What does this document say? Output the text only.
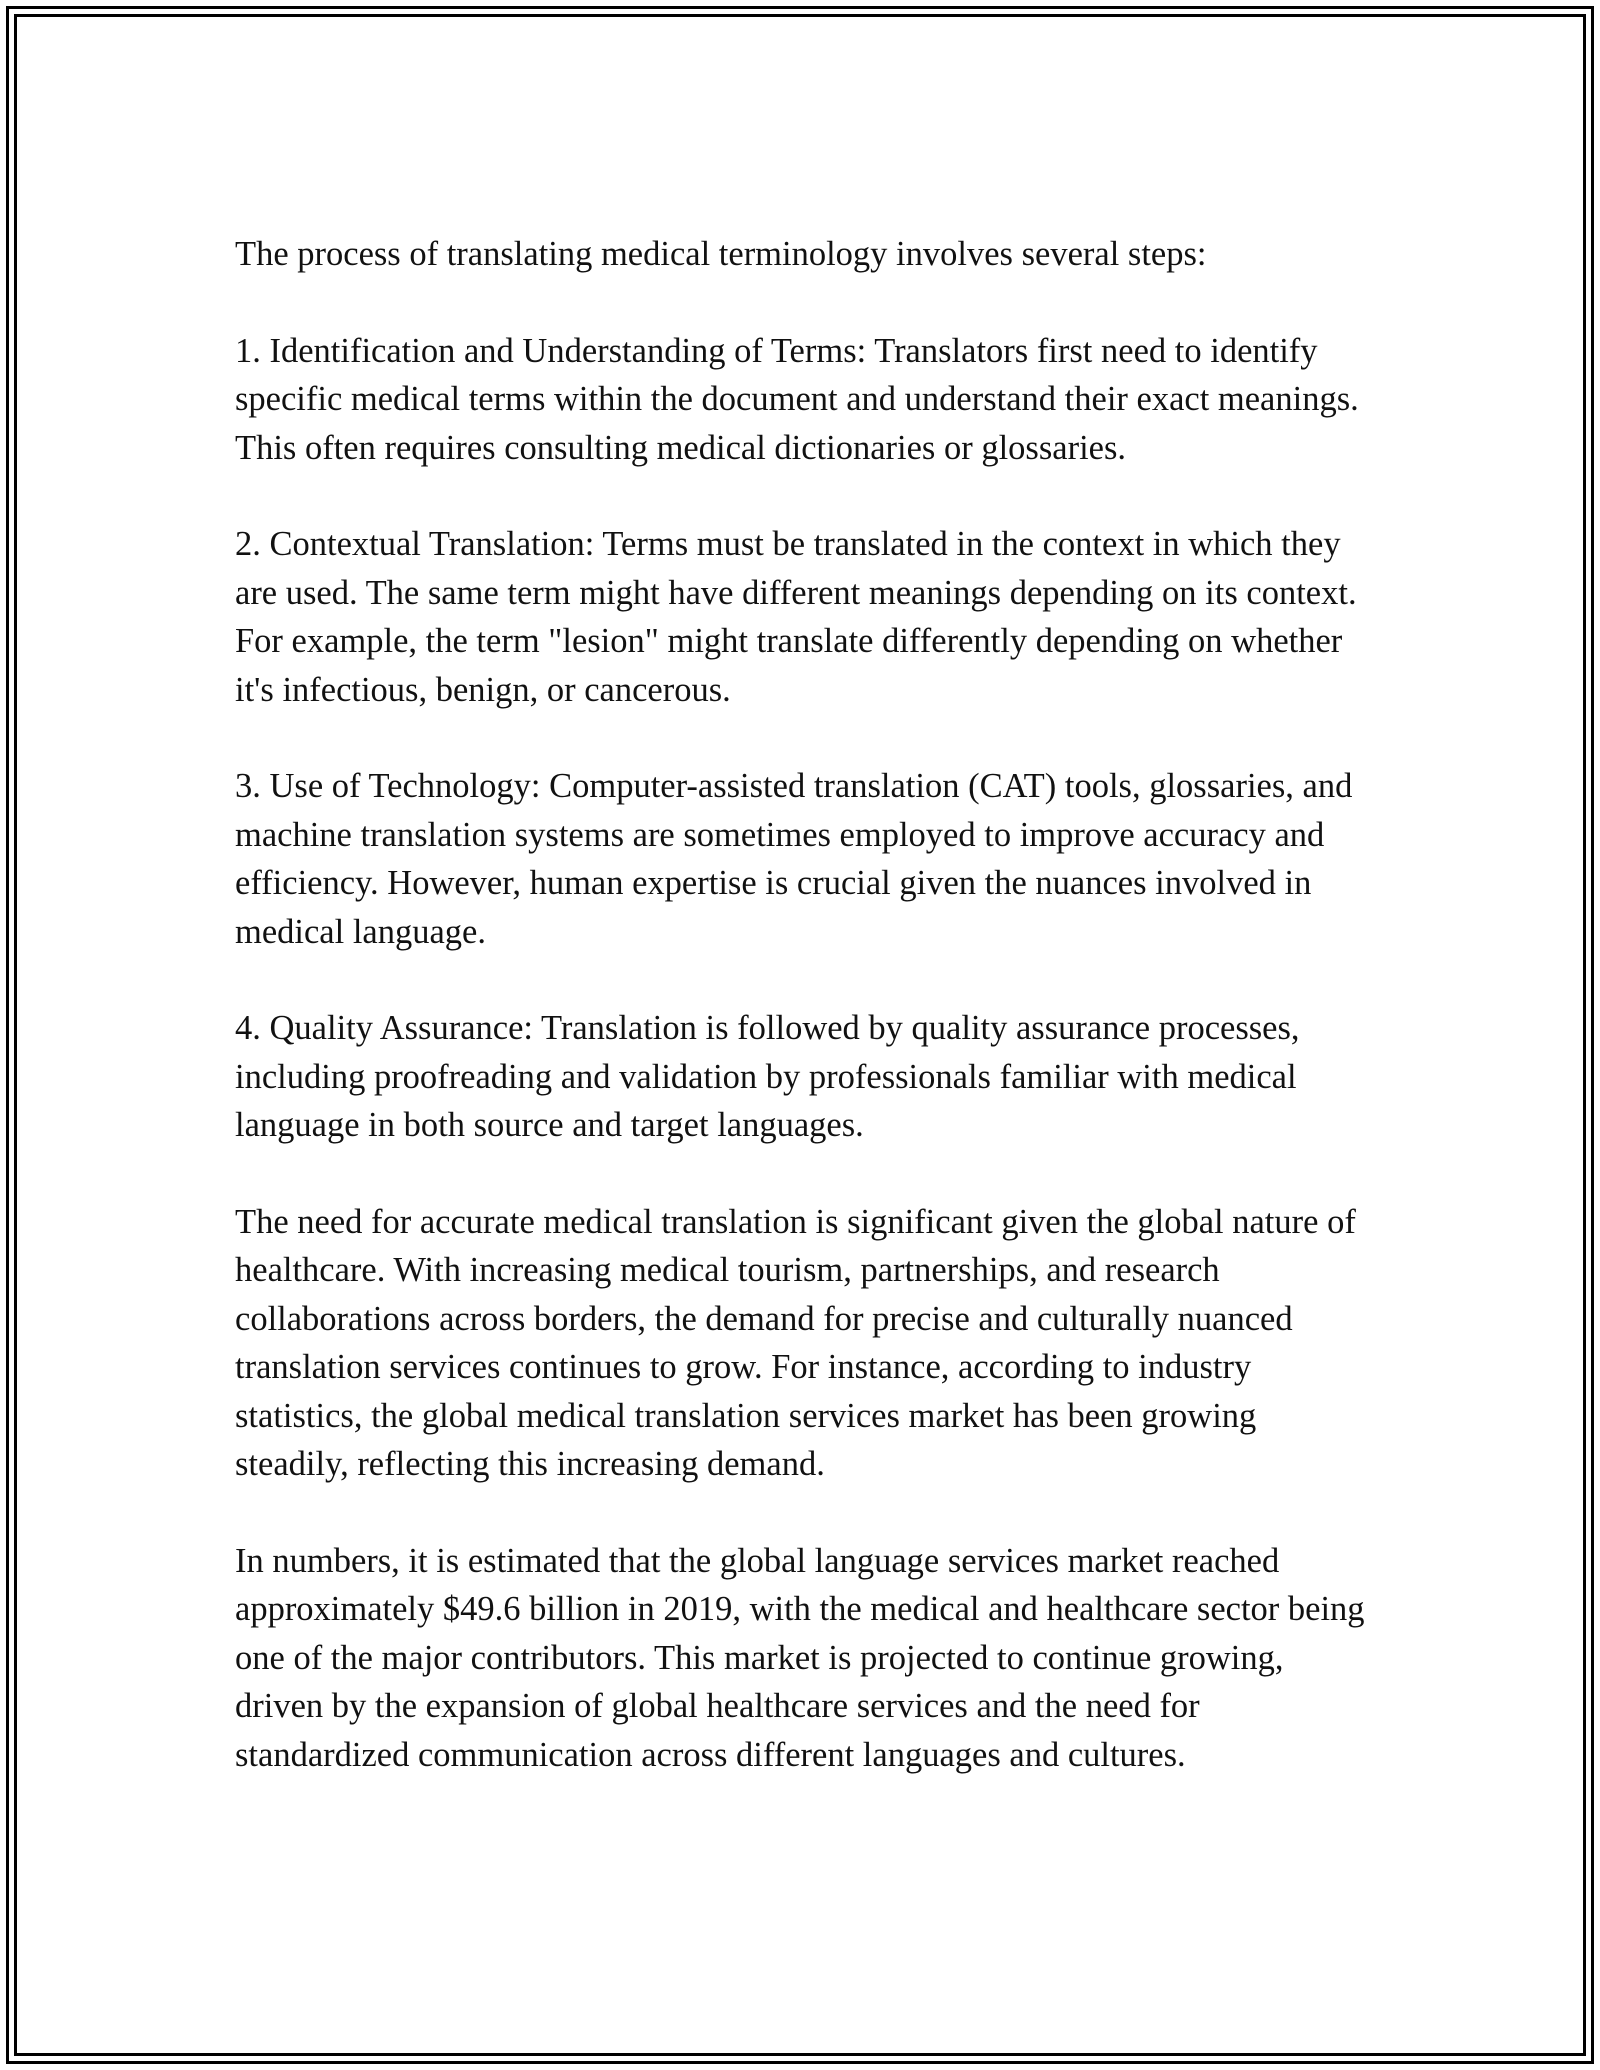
The process of translating medical terminology involves several steps:

1. Identification and Understanding of Terms: Translators first need to identify specific medical terms within the document and understand their exact meanings. This often requires consulting medical dictionaries or glossaries.

2. Contextual Translation: Terms must be translated in the context in which they are used. The same term might have different meanings depending on its context. For example, the term "lesion" might translate differently depending on whether it's infectious, benign, or cancerous.

3. Use of Technology: Computer-assisted translation (CAT) tools, glossaries, and machine translation systems are sometimes employed to improve accuracy and efficiency. However, human expertise is crucial given the nuances involved in medical language.

4. Quality Assurance: Translation is followed by quality assurance processes, including proofreading and validation by professionals familiar with medical language in both source and target languages.

The need for accurate medical translation is significant given the global nature of healthcare. With increasing medical tourism, partnerships, and research collaborations across borders, the demand for precise and culturally nuanced translation services continues to grow. For instance, according to industry statistics, the global medical translation services market has been growing steadily, reflecting this increasing demand.

In numbers, it is estimated that the global language services market reached approximately $49.6 billion in 2019, with the medical and healthcare sector being one of the major contributors. This market is projected to continue growing, driven by the expansion of global healthcare services and the need for standardized communication across different languages and cultures.
